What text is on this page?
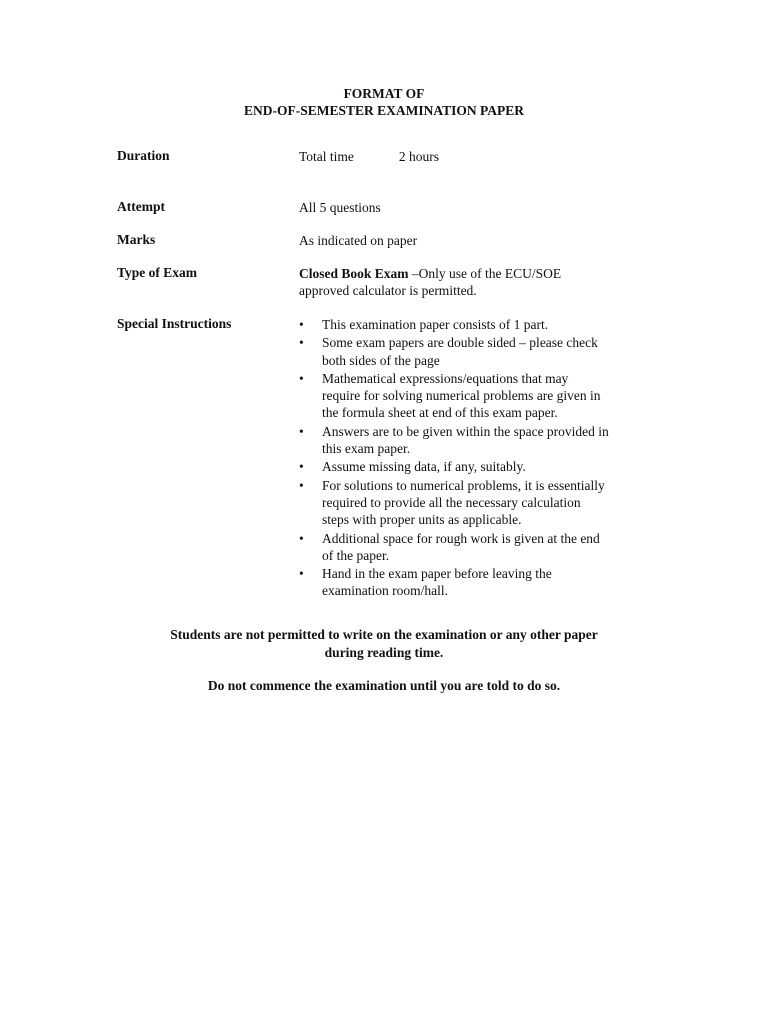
FORMAT OF
END-OF-SEMESTER EXAMINATION PAPER
Duration	Total time	2 hours
Attempt	All 5 questions
Marks	As indicated on paper
Type of Exam	Closed Book Exam –Only use of the ECU/SOE
approved calculator is permitted.
Special Instructions	• This examination paper consists of 1 part.
• Some exam papers are double sided – please check
both sides of the page
• Mathematical expressions/equations that may
require for solving numerical problems are given in
the formula sheet at end of this exam paper.
• Answers are to be given within the space provided in
this exam paper.
• Assume missing data, if any, suitably.
• For solutions to numerical problems, it is essentially
required to provide all the necessary calculation
steps with proper units as applicable.
• Additional space for rough work is given at the end
of the paper.
• Hand in the exam paper before leaving the
examination room/hall.
Students are not permitted to write on the examination or any other paper
during reading time.
Do not commence the examination until you are told to do so.
